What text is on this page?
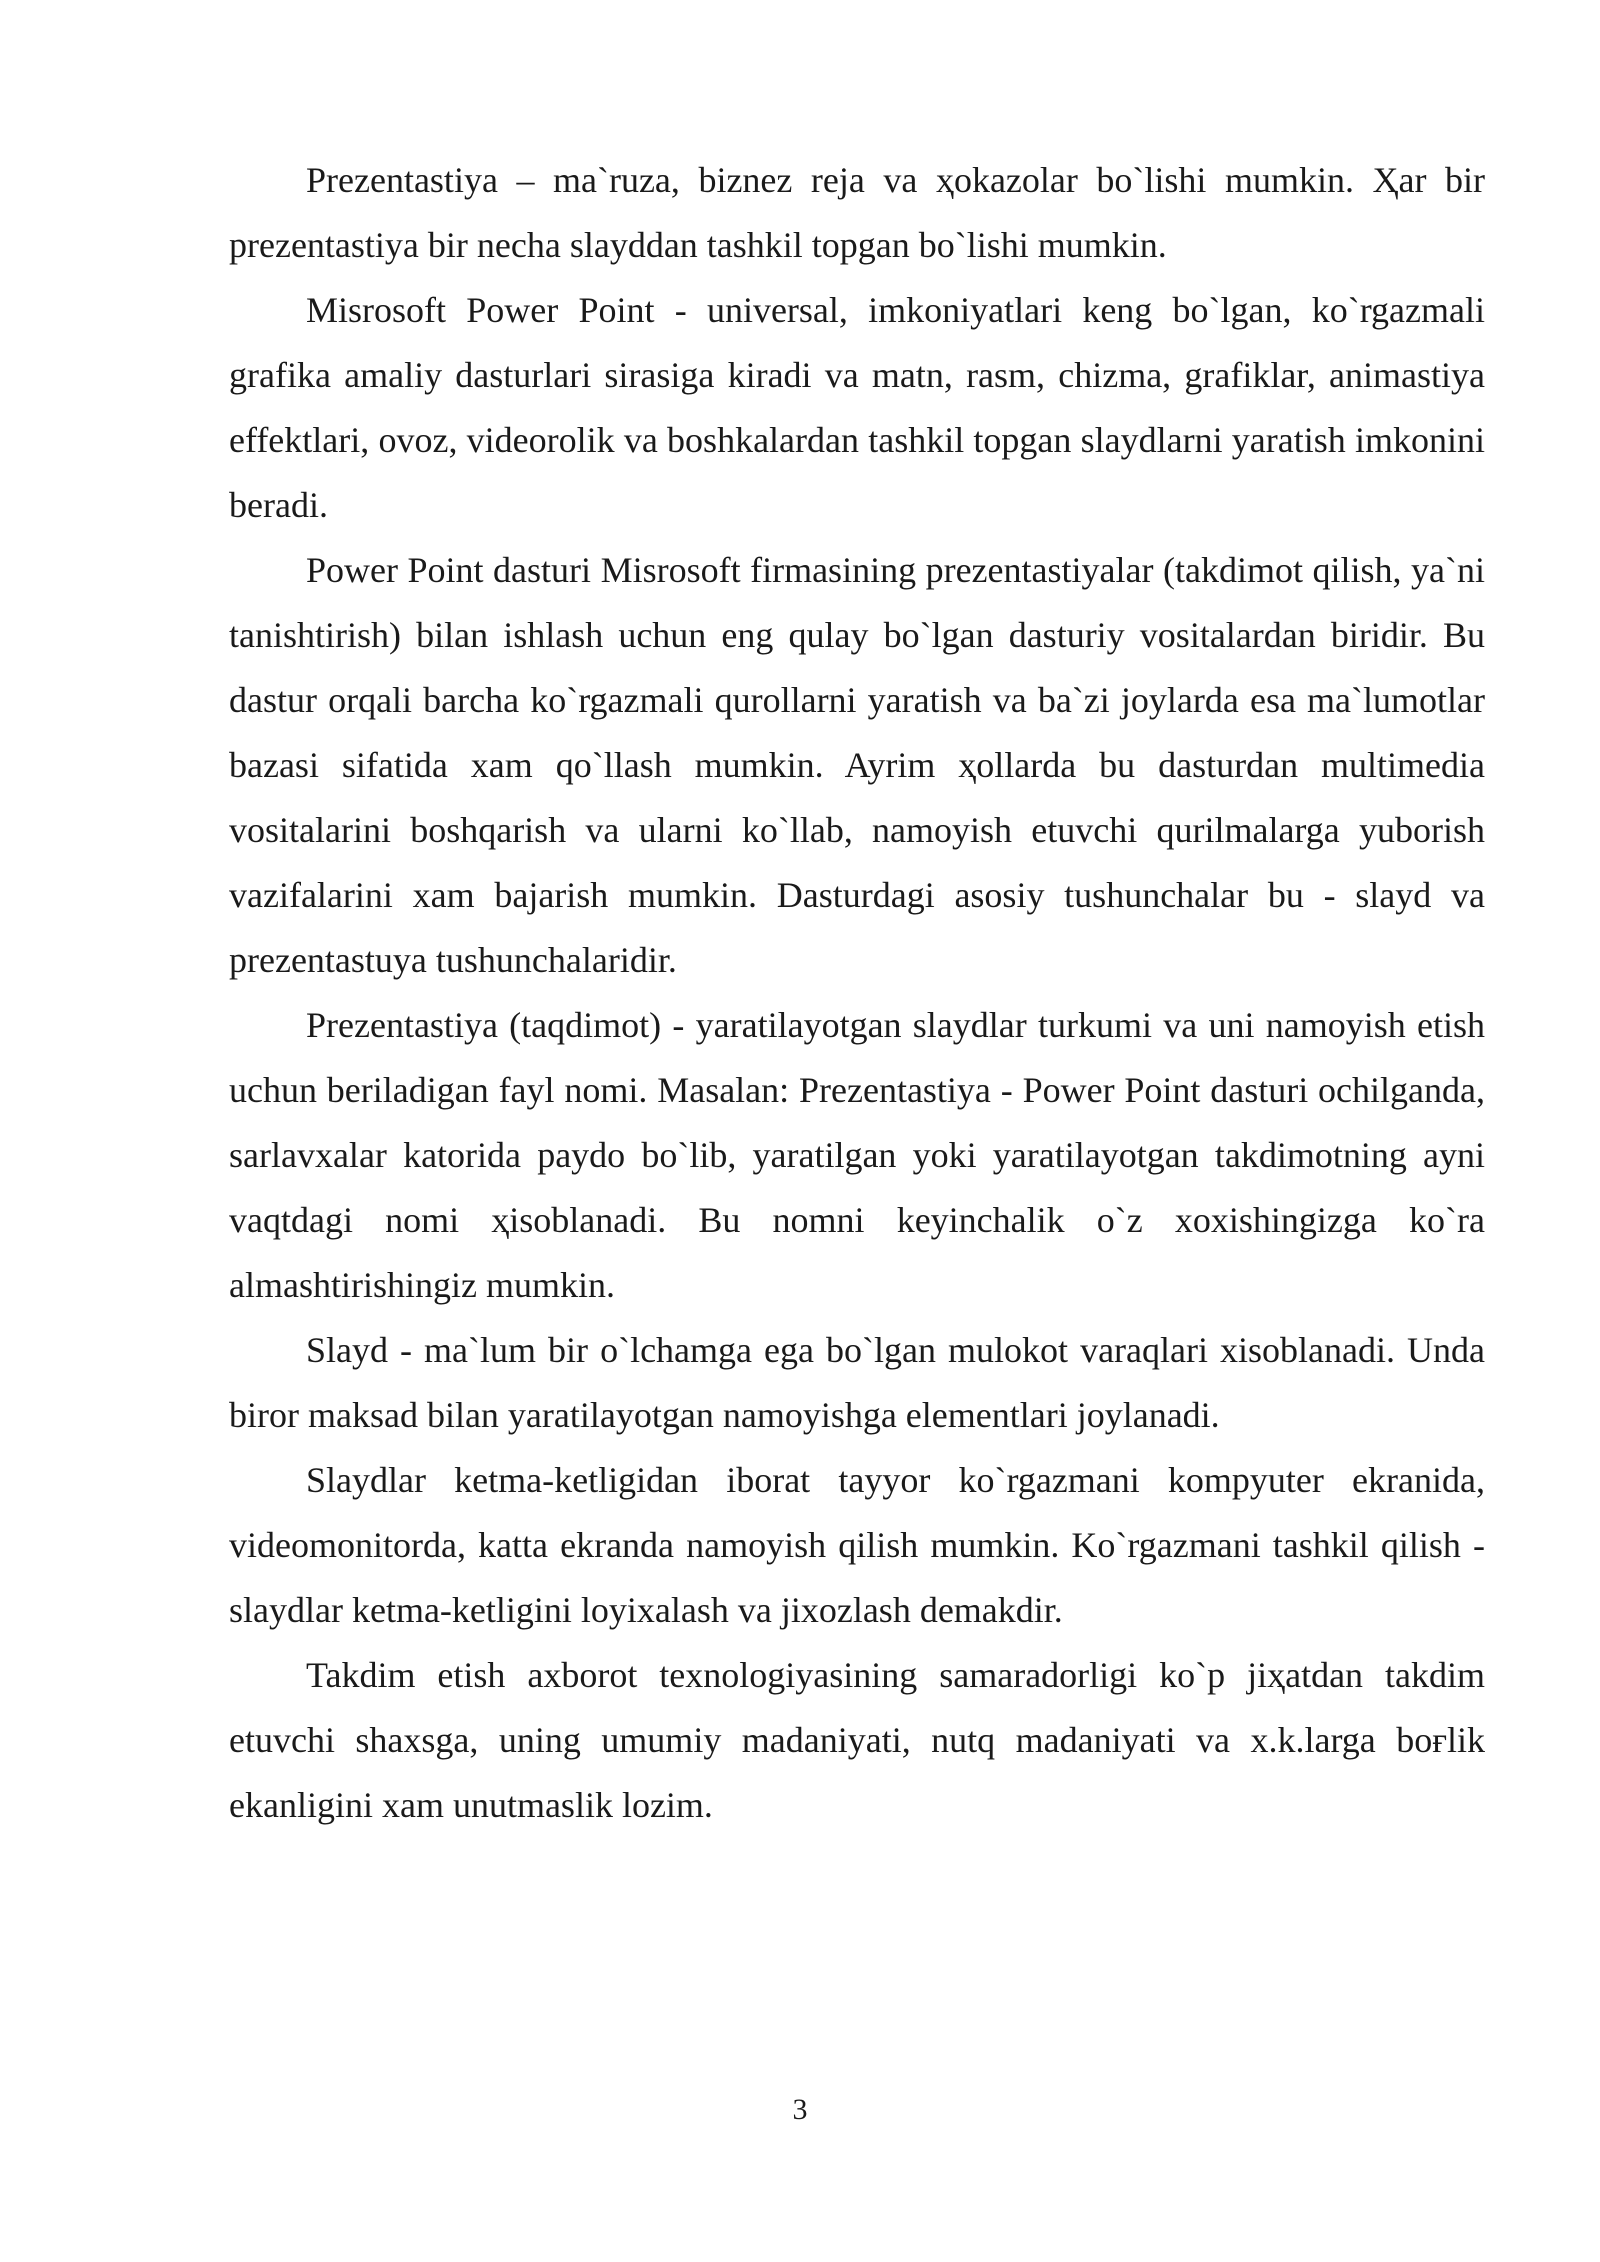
Prezentastiya – ma`ruza, biznez reja va ҳokazolar bo`lishi mumkin. Ҳar bir prezentastiya bir necha slayddan tashkil topgan bo`lishi mumkin.

Misrosoft Power Point - universal, imkoniyatlari keng bo`lgan, ko`rgazmali grafika amaliy dasturlari sirasiga kiradi va matn, rasm, chizma, grafiklar, animastiya effektlari, ovoz, videorolik va boshkalardan tashkil topgan slaydlarni yaratish imkonini beradi.

Power Point dasturi Misrosoft firmasining prezentastiyalar (takdimot qilish, ya`ni tanishtirish) bilan ishlash uchun eng qulay bo`lgan dasturiy vositalardan biridir. Bu dastur orqali barcha ko`rgazmali qurollarni yaratish va ba`zi joylarda esa ma`lumotlar bazasi sifatida xam qo`llash mumkin. Ayrim ҳollarda bu dasturdan multimedia vositalarini boshqarish va ularni ko`llab, namoyish etuvchi qurilmalarga yuborish vazifalarini xam bajarish mumkin. Dasturdagi asosiy tushunchalar bu - slayd va prezentastuya tushunchalaridir.

Prezentastiya (taqdimot) - yaratilayotgan slaydlar turkumi va uni namoyish etish uchun beriladigan fayl nomi. Masalan: Prezentastiya - Power Point dasturi ochilganda, sarlavxalar katorida paydo bo`lib, yaratilgan yoki yaratilayotgan takdimotning ayni vaqtdagi nomi ҳisoblanadi. Bu nomni keyinchalik o`z xoxishingizga ko`ra almashtirishingiz mumkin.

Slayd - ma`lum bir o`lchamga ega bo`lgan mulokot varaqlari xisoblanadi. Unda biror maksad bilan yaratilayotgan namoyishga elementlari joylanadi.

Slaydlar ketma-ketligidan iborat tayyor ko`rgazmani kompyuter ekranida, videomonitorda, katta ekranda namoyish qilish mumkin. Ko`rgazmani tashkil qilish - slaydlar ketma-ketligini loyixalash va jixozlash demakdir.

Takdim etish axborot texnologiyasining samaradorligi ko`p jiҳatdan takdim etuvchi shaxsga, uning umumiy madaniyati, nutq madaniyati va x.k.larga boғlik ekanligini xam unutmaslik lozim.

3
